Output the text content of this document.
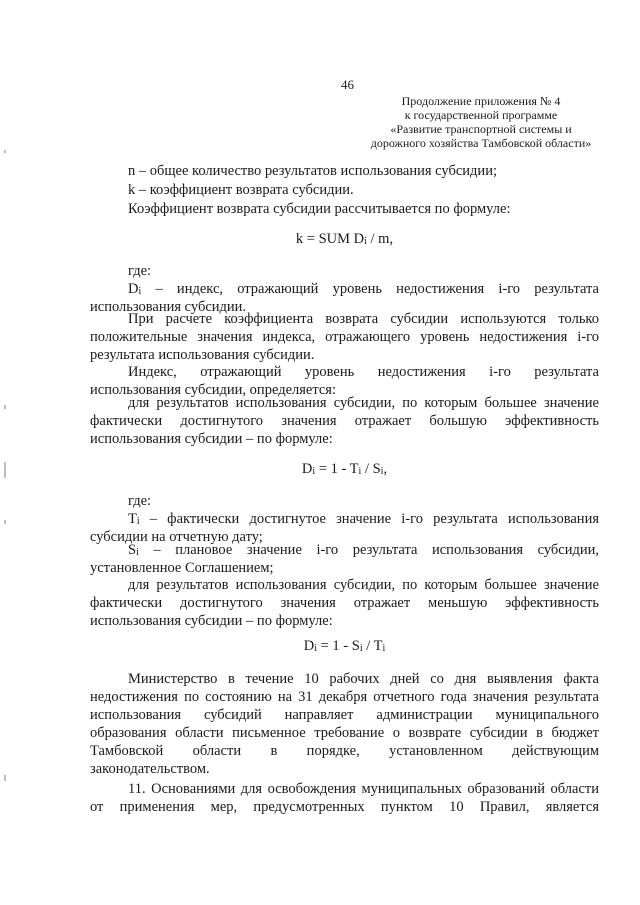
46
Продолжение приложения № 4
к государственной программе
«Развитие транспортной системы и
дорожного хозяйства Тамбовской области»
n – общее количество результатов использования субсидии;
k – коэффициент возврата субсидии.
Коэффициент возврата субсидии рассчитывается по формуле:
k = SUM Di / m,
где:
Di – индекс, отражающий уровень недостижения i-го результата
использования субсидии.
При расчете коэффициента возврата субсидии используются только
положительные значения индекса, отражающего уровень недостижения i-го
результата использования субсидии.
Индекс, отражающий уровень недостижения i-го результата
использования субсидии, определяется:
для результатов использования субсидии, по которым большее значение
фактически достигнутого значения отражает большую эффективность
использования субсидии – по формуле:
Di = 1 - Ti / Si,
где:
Ti – фактически достигнутое значение i-го результата использования
субсидии на отчетную дату;
Si – плановое значение i-го результата использования субсидии,
установленное Соглашением;
для результатов использования субсидии, по которым большее значение
фактически достигнутого значения отражает меньшую эффективность
использования субсидии – по формуле:
Di = 1 - Si / Ti
Министерство в течение 10 рабочих дней со дня выявления факта
недостижения по состоянию на 31 декабря отчетного года значения результата
использования субсидий направляет администрации муниципального
образования области письменное требование о возврате субсидии в бюджет
Тамбовской области в порядке, установленном действующим
законодательством.
11. Основаниями для освобождения муниципальных образований области
от применения мер, предусмотренных пунктом 10 Правил, является
